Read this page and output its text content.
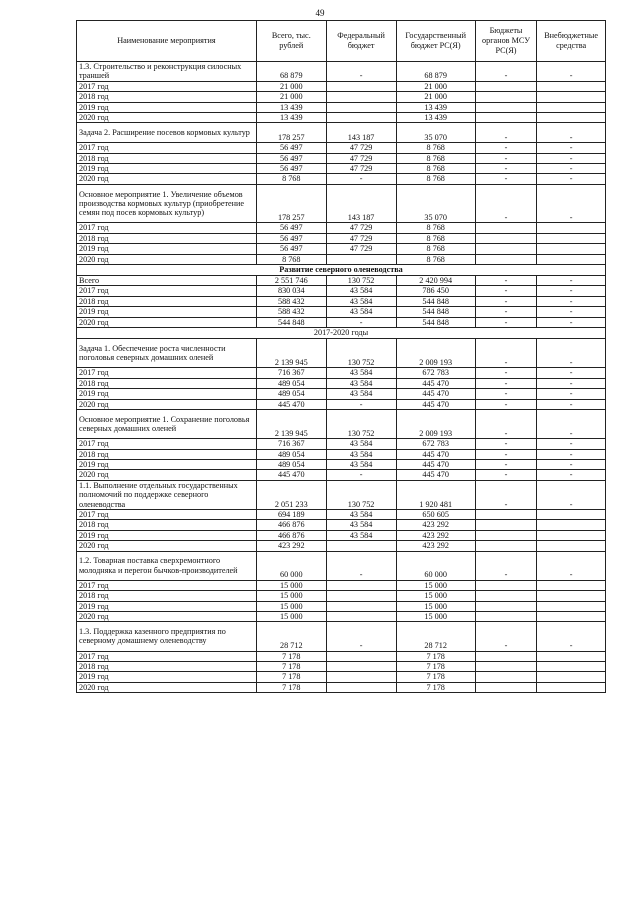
49
Наименование мероприятия	Всего, тыс. рублей	Федеральный бюджет	Государственный бюджет РС(Я)	Бюджеты органов МСУ РС(Я)	Внебюджетные средства
1.3. Строительство и реконструкция силосных траншей	68 879	-	68 879	-	-
2017 год	21 000		21 000		
2018 год	21 000		21 000		
2019 год	13 439		13 439		
2020 год	13 439		13 439		
Задача 2. Расширение посевов кормовых культур	178 257	143 187	35 070	-	-
2017 год	56 497	47 729	8 768	-	-
2018 год	56 497	47 729	8 768	-	-
2019 год	56 497	47 729	8 768	-	-
2020 год	8 768	-	8 768	-	-
Основное мероприятие 1. Увеличение объемов производства кормовых культур (приобретение семян под посев кормовых культур)	178 257	143 187	35 070	-	-
2017 год	56 497	47 729	8 768		
2018 год	56 497	47 729	8 768		
2019 год	56 497	47 729	8 768		
2020 год	8 768		8 768		
Развитие северного оленеводства					
Всего	2 551 746	130 752	2 420 994	-	-
2017 год	830 034	43 584	786 450	-	-
2018 год	588 432	43 584	544 848	-	-
2019 год	588 432	43 584	544 848	-	-
2020 год	544 848	-	544 848	-	-
2017-2020 годы					
Задача 1. Обеспечение роста численности поголовья северных домашних оленей	2 139 945	130 752	2 009 193	-	-
2017 год	716 367	43 584	672 783	-	-
2018 год	489 054	43 584	445 470	-	-
2019 год	489 054	43 584	445 470	-	-
2020 год	445 470	-	445 470	-	-
Основное мероприятие 1. Сохранение поголовья северных домашних оленей	2 139 945	130 752	2 009 193	-	-
2017 год	716 367	43 584	672 783	-	-
2018 год	489 054	43 584	445 470	-	-
2019 год	489 054	43 584	445 470	-	-
2020 год	445 470	-	445 470	-	-
1.1. Выполнение отдельных государственных полномочий по поддержке северного оленеводства	2 051 233	130 752	1 920 481	-	-
2017 год	694 189	43 584	650 605		
2018 год	466 876	43 584	423 292		
2019 год	466 876	43 584	423 292		
2020 год	423 292		423 292		
1.2. Товарная поставка сверхремонтного молодняка и перегон бычков-производителей	60 000	-	60 000	-	-
2017 год	15 000		15 000		
2018 год	15 000		15 000		
2019 год	15 000		15 000		
2020 год	15 000		15 000		
1.3. Поддержка казенного предприятия по северному домашнему оленеводству	28 712	-	28 712	-	-
2017 год	7 178		7 178		
2018 год	7 178		7 178		
2019 год	7 178		7 178		
2020 год	7 178		7 178		
